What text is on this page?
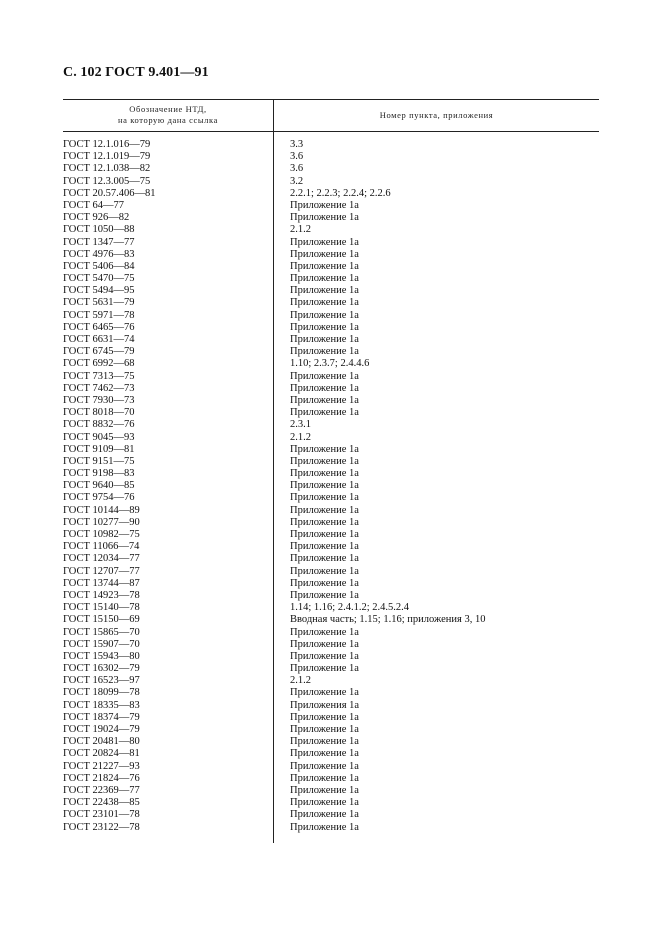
С. 102 ГОСТ 9.401—91
Обозначение НТД,
на которую дана ссылка	Номер пункта, приложения
ГОСТ 12.1.016—79	3.3
ГОСТ 12.1.019—79	3.6
ГОСТ 12.1.038—82	3.6
ГОСТ 12.3.005—75	3.2
ГОСТ 20.57.406—81	2.2.1; 2.2.3; 2.2.4; 2.2.6
ГОСТ 64—77	Приложение 1а
ГОСТ 926—82	Приложение 1а
ГОСТ 1050—88	2.1.2
ГОСТ 1347—77	Приложение 1а
ГОСТ 4976—83	Приложение 1а
ГОСТ 5406—84	Приложение 1а
ГОСТ 5470—75	Приложение 1а
ГОСТ 5494—95	Приложение 1а
ГОСТ 5631—79	Приложение 1а
ГОСТ 5971—78	Приложение 1а
ГОСТ 6465—76	Приложение 1а
ГОСТ 6631—74	Приложение 1а
ГОСТ 6745—79	Приложение 1а
ГОСТ 6992—68	1.10; 2.3.7; 2.4.4.6
ГОСТ 7313—75	Приложение 1а
ГОСТ 7462—73	Приложение 1а
ГОСТ 7930—73	Приложение 1а
ГОСТ 8018—70	Приложение 1а
ГОСТ 8832—76	2.3.1
ГОСТ 9045—93	2.1.2
ГОСТ 9109—81	Приложение 1а
ГОСТ 9151—75	Приложение 1а
ГОСТ 9198—83	Приложение 1а
ГОСТ 9640—85	Приложение 1а
ГОСТ 9754—76	Приложение 1а
ГОСТ 10144—89	Приложение 1а
ГОСТ 10277—90	Приложение 1а
ГОСТ 10982—75	Приложение 1а
ГОСТ 11066—74	Приложение 1а
ГОСТ 12034—77	Приложение 1а
ГОСТ 12707—77	Приложение 1а
ГОСТ 13744—87	Приложение 1а
ГОСТ 14923—78	Приложение 1а
ГОСТ 15140—78	1.14; 1.16; 2.4.1.2; 2.4.5.2.4
ГОСТ 15150—69	Вводная часть; 1.15; 1.16; приложения 3, 10
ГОСТ 15865—70	Приложение 1а
ГОСТ 15907—70	Приложение 1а
ГОСТ 15943—80	Приложение 1а
ГОСТ 16302—79	Приложение 1а
ГОСТ 16523—97	2.1.2
ГОСТ 18099—78	Приложение 1а
ГОСТ 18335—83	Приложения 1а
ГОСТ 18374—79	Приложение 1а
ГОСТ 19024—79	Приложение 1а
ГОСТ 20481—80	Приложение 1а
ГОСТ 20824—81	Приложение 1а
ГОСТ 21227—93	Приложение 1а
ГОСТ 21824—76	Приложение 1а
ГОСТ 22369—77	Приложение 1а
ГОСТ 22438—85	Приложение 1а
ГОСТ 23101—78	Приложение 1а
ГОСТ 23122—78	Приложение 1а
